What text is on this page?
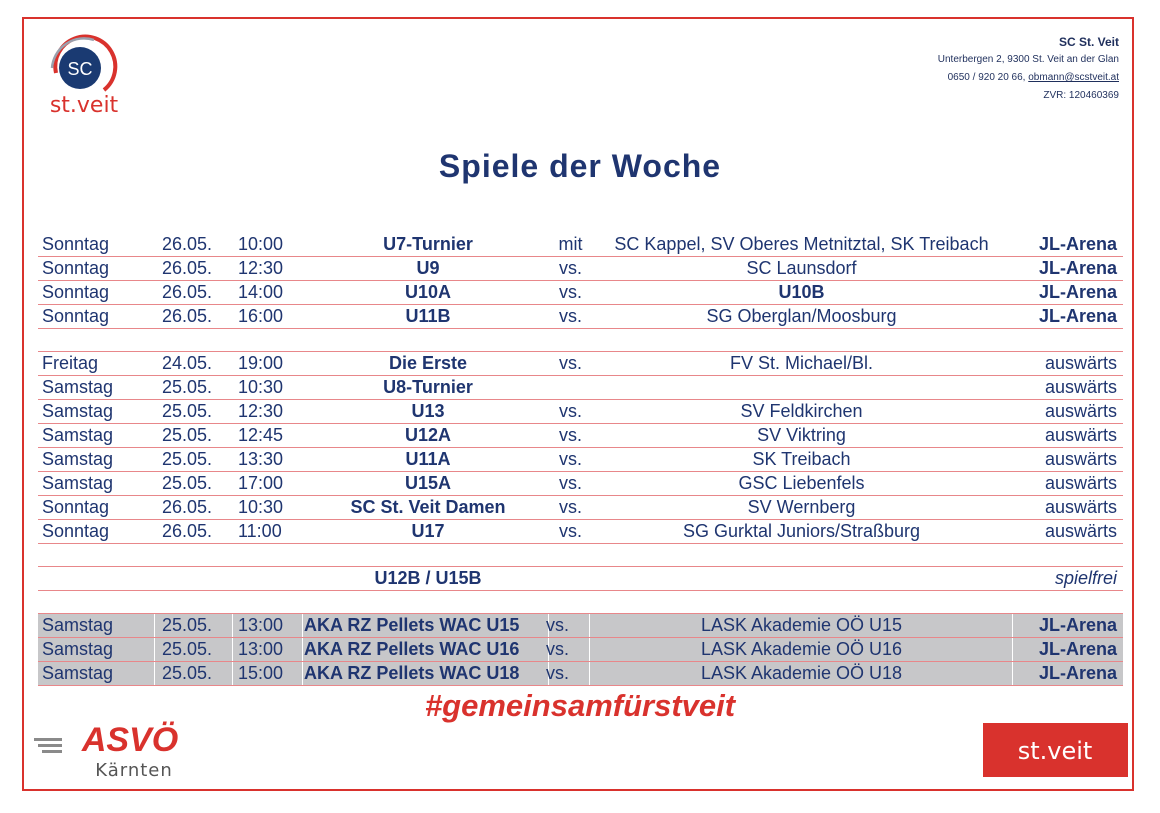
SC
st.veit
SC St. Veit
Unterbergen 2, 9300 St. Veit an der Glan
0650 / 920 20 66, obmann@scstveit.at
ZVR: 120460369
Spiele der Woche
Sonntag	26.05. 10:00	U7-Turnier	mit	SC Kappel, SV Oberes Metnitztal, SK Treibach	JL-Arena
Sonntag	26.05. 12:30	U9	vs.	SC Launsdorf	JL-Arena
Sonntag	26.05. 14:00	U10A	vs.	U10B	JL-Arena
Sonntag	26.05. 16:00	U11B	vs.	SG Oberglan/Moosburg	JL-Arena
Freitag	24.05. 19:00	Die Erste	vs.	FV St. Michael/Bl.	auswärts
Samstag	25.05. 10:30	U8-Turnier	auswärts
Samstag	25.05. 12:30	U13	vs.	SV Feldkirchen	auswärts
Samstag	25.05. 12:45	U12A	vs.	SV Viktring	auswärts
Samstag	25.05. 13:30	U11A	vs.	SK Treibach	auswärts
Samstag	25.05. 17:00	U15A	vs.	GSC Liebenfels	auswärts
Sonntag	26.05. 10:30	SC St. Veit Damen	vs.	SV Wernberg	auswärts
Sonntag	26.05. 11:00	U17	vs.	SG Gurktal Juniors/Straßburg	auswärts
U12B / U15B	spielfrei
Samstag	25.05. 13:00 AKA RZ Pellets WAC U15	vs.	LASK Akademie OÖ U15	JL-Arena
Samstag	25.05. 13:00 AKA RZ Pellets WAC U16	vs.	LASK Akademie OÖ U16	JL-Arena
Samstag	25.05. 15:00 AKA RZ Pellets WAC U18	vs.	LASK Akademie OÖ U18	JL-Arena
#gemeinsamfürstveit
ASVÖ
Kärnten
st.veit
